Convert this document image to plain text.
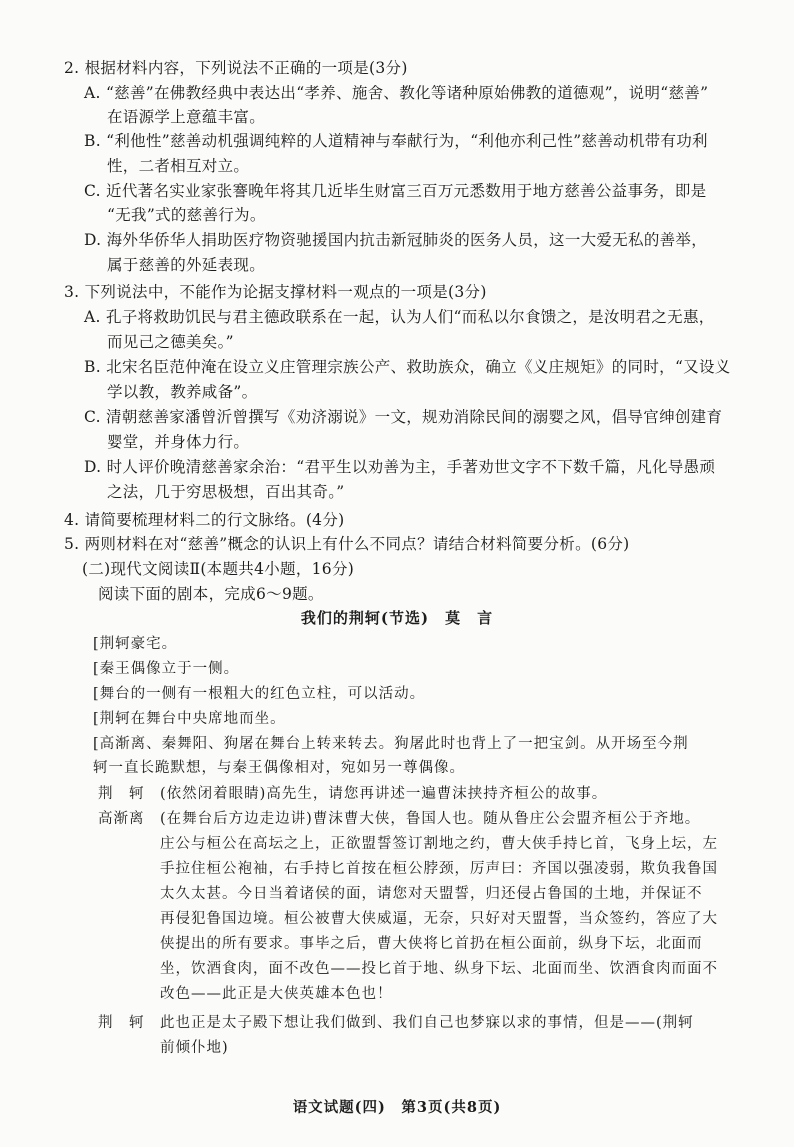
2. 根据材料内容，下列说法不正确的一项是(3分)
A. “慈善”在佛教经典中表达出“孝养、施舍、教化等诸种原始佛教的道德观”，说明“慈善”
在语源学上意蕴丰富。
B. “利他性”慈善动机强调纯粹的人道精神与奉献行为，“利他亦利己性”慈善动机带有功利
性，二者相互对立。
C. 近代著名实业家张謇晚年将其几近毕生财富三百万元悉数用于地方慈善公益事务，即是
“无我”式的慈善行为。
D. 海外华侨华人捐助医疗物资驰援国内抗击新冠肺炎的医务人员，这一大爱无私的善举，
属于慈善的外延表现。
3. 下列说法中，不能作为论据支撑材料一观点的一项是(3分)
A. 孔子将救助饥民与君主德政联系在一起，认为人们“而私以尔食馈之，是汝明君之无惠，
而见己之德美矣。”
B. 北宋名臣范仲淹在设立义庄管理宗族公产、救助族众，确立《义庄规矩》的同时，“又设义
学以教，教养咸备”。
C. 清朝慈善家潘曾沂曾撰写《劝济溺说》一文，规劝消除民间的溺婴之风，倡导官绅创建育
婴堂，并身体力行。
D. 时人评价晚清慈善家余治：“君平生以劝善为主，手著劝世文字不下数千篇，凡化导愚顽
之法，几于穷思极想，百出其奇。”
4. 请简要梳理材料二的行文脉络。(4分)
5. 两则材料在对“慈善”概念的认识上有什么不同点？请结合材料简要分析。(6分)
(二)现代文阅读Ⅱ(本题共4小题，16分)
阅读下面的剧本，完成6～9题。
我们的荆轲(节选)　莫　言
[荆轲豪宅。
[秦王偶像立于一侧。
[舞台的一侧有一根粗大的红色立柱，可以活动。
[荆轲在舞台中央席地而坐。
[高渐离、秦舞阳、狗屠在舞台上转来转去。狗屠此时也背上了一把宝剑。从开场至今荆
轲一直长跪默想，与秦王偶像相对，宛如另一尊偶像。
荆　轲 (依然闭着眼睛)高先生，请您再讲述一遍曹沫挟持齐桓公的故事。
高渐离 (在舞台后方边走边讲)曹沫曹大侠，鲁国人也。随从鲁庄公会盟齐桓公于齐地。
庄公与桓公在高坛之上，正欲盟誓签订割地之约，曹大侠手持匕首，飞身上坛，左
手拉住桓公袍袖，右手持匕首按在桓公脖颈，厉声曰：齐国以强凌弱，欺负我鲁国
太久太甚。今日当着诸侯的面，请您对天盟誓，归还侵占鲁国的土地，并保证不
再侵犯鲁国边境。桓公被曹大侠威逼，无奈，只好对天盟誓，当众签约，答应了大
侠提出的所有要求。事毕之后，曹大侠将匕首扔在桓公面前，纵身下坛，北面而
坐，饮酒食肉，面不改色——投匕首于地、纵身下坛、北面而坐、饮酒食肉而面不
改色——此正是大侠英雄本色也！
荆　轲 此也正是太子殿下想让我们做到、我们自己也梦寐以求的事情，但是——(荆轲
前倾仆地)
语文试题(四)　第3页(共8页)
